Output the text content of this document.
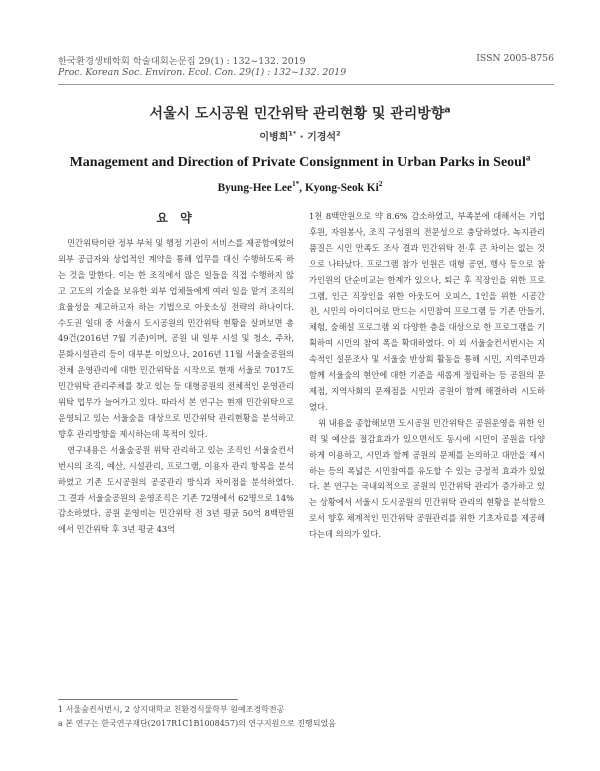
한국환경생태학회 학술대회논문집 29(1) : 132~132. 2019	ISSN 2005-8756
Proc. Korean Soc. Environ. Ecol. Con. 29(1) : 132~132. 2019
서울시 도시공원 민간위탁 관리현황 및 관리방향$^a$
이병희$^{1*}$ · 기경석$^2$
Management and Direction of Private Consignment in Urban Parks in Seoul$^a$
Byung-Hee Lee$^{1*}$, Kyong-Seok Ki$^2$
요 약

민간위탁이란 정부 부처 및 행정 기관이 서비스를 제공함에었어 외부 공급자와 상업적인 계약을 통해 업무를 대신 수행하도록 하는 것을 말한다. 이는 한 조직에서 많은 일들을 직접 수행하지 않고 고도의 기술을 보유한 외부 업체들에게 여러 일을 맡겨 조직의 효율성을 제고하고자 하는 기법으로 아웃소싱 전략의 하나이다. 수도권 일대 중 서울시 도시공원의 민간위탁 현황을 살펴보면 총 49건(2016년 7월 기준)이며, 공원 내 일부 시설 및 청소, 주차, 문화시설관리 등이 대부분 이었으나, 2016년 11월 서울숲공원의 전체 운영관리에 대한 민간위탁을 시작으로 현재 서울로 7017도 민간위탁 관리주체를 찾고 있는 등 대형공원의 전체적인 운영관리 위탁 업무가 늘어가고 있다. 따라서 본 연구는 현재 민간위탁으로 운영되고 있는 서울숲을 대상으로 민간위탁 관리현황을 분석하고 향후 관리방향을 제시하는데 목적이 있다.

연구내용은 서울숲공원 위탁 관리하고 있는 조직인 서울숲컨서번시의 조직, 예산, 시설관리, 프로그램, 이용자 관리 항목을 분석하였고 기존 도시공원의 공공관리 방식과 차이점을 분석하였다. 그 결과 서울숲공원의 운영조직은 기존 72명에서 62명으로 14% 감소하였다. 공원 운영비는 민간위탁 전 3년 평균 50억 8백만원에서 민간위탁 후 3년 평균 43억

1천 8백만원으로 약 8.6% 감소하였고, 부족분에 대해서는 기업후원, 자원봉사, 조직 구성원의 전문성으로 충당하였다. 녹지관리 품질은 시민 만족도 조사 결과 민간위탁 전·후 큰 차이는 없는 것으로 나타났다. 프로그램 참가 인원은 대형 공연, 행사 등으로 참가인원의 단순비교는 한계가 있으나, 퇴근 후 직장인을 위한 프로그램, 인근 직장인을 위한 아웃도어 오피스, 1인을 위한 시공간 전, 시민의 아이디어로 만드는 시민참여 프로그램 등 기존 만들기, 체험, 숲해설 프로그램 외 다양한 층을 대상으로 한 프로그램을 기획하여 시민의 참여 폭을 확대하였다. 이 외 서울숲컨서번시는 지속적인 설문조사 및 서울숲 반상회 활동을 통해 시민, 지역주민과 함께 서울숲의 현안에 대한 기준을 새롭게 정립하는 등 공원의 문제점, 지역사회의 문제점을 시민과 공원이 함께 해결하려 시도하였다.

위 내용을 종합해보면 도시공원 민간위탁은 공원운영을 위한 인력 및 예산을 절감효과가 있으면서도 동시에 시민이 공원을 다양하게 이용하고, 시민과 함께 공원의 문제를 논의하고 대안을 제시하는 등의 폭넓은 시민참여를 유도할 수 있는 긍정적 효과가 있었다. 본 연구는 국내외적으로 공원의 민간위탁 관리가 증가하고 있는 상황에서 서울시 도시공원의 민간위탁 관리의 현황을 분석함으로서 향후 체계적인 민간위탁 공원관리를 위한 기초자료를 제공해다는데 의의가 있다.

1 서울숲컨서번시, 2 상지대학교 친환경식물학부 원예조경학전공
a 본 연구는 한국연구재단(2017R1C1B1008457)의 연구지원으로 진행되었음
